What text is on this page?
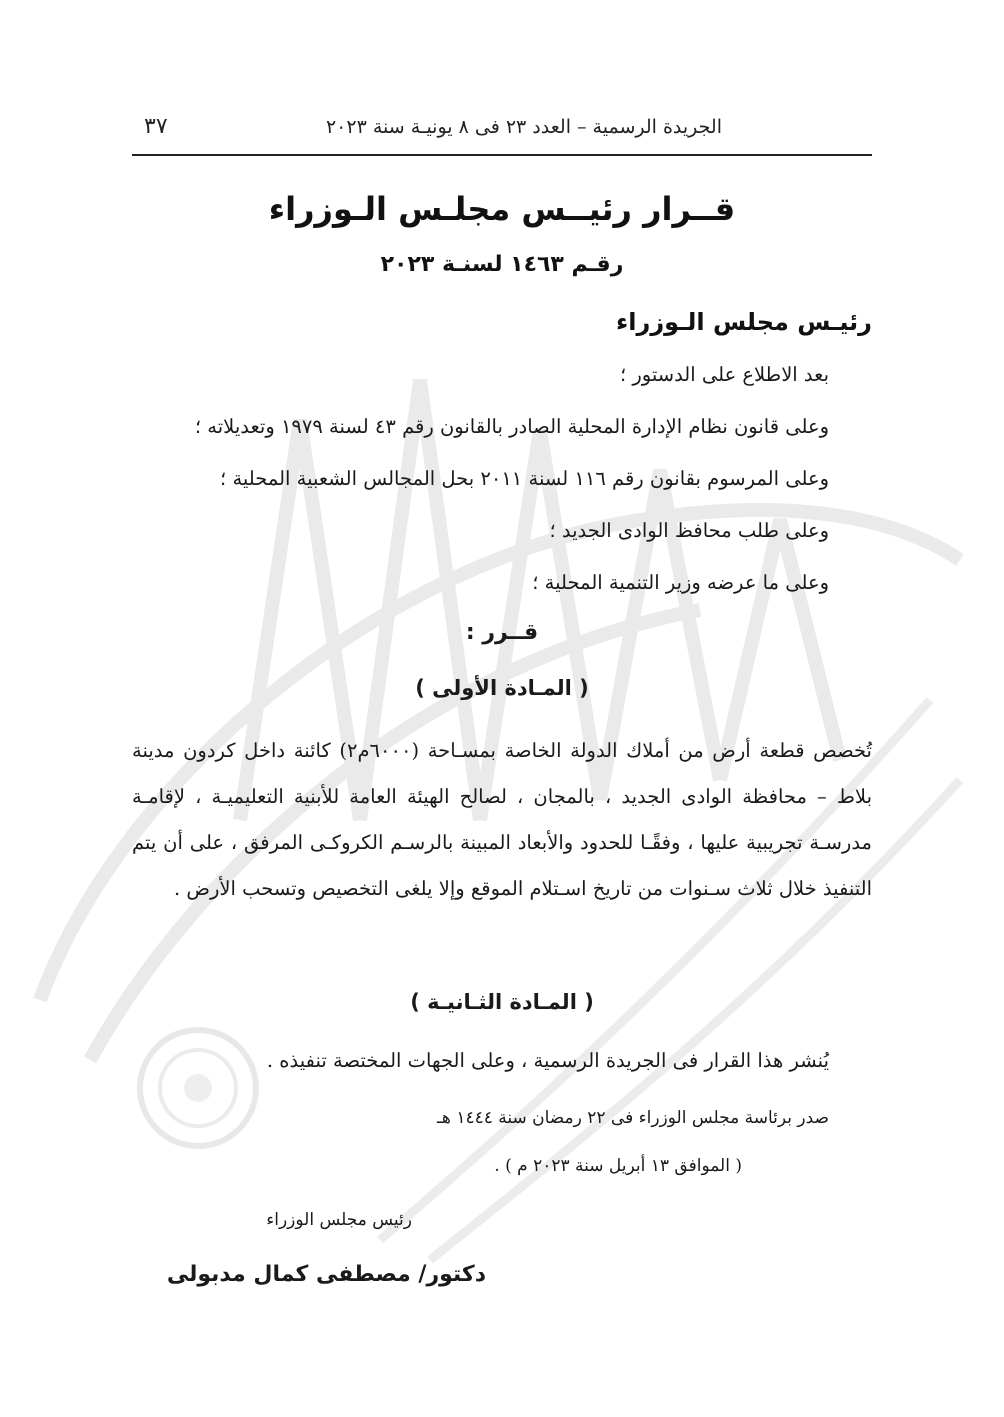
الجريدة الرسمية – العدد ٢٣ فى ٨ يونيـة سنة ٢٠٢٣
٣٧
قــرار رئيــس مجلـس الـوزراء
رقـم ١٤٦٣ لسنـة ٢٠٢٣
رئيـس مجلس الـوزراء
بعد الاطلاع على الدستور ؛
وعلى قانون نظام الإدارة المحلية الصادر بالقانون رقم ٤٣ لسنة ١٩٧٩ وتعديلاته ؛
وعلى المرسوم بقانون رقم ١١٦ لسنة ٢٠١١ بحل المجالس الشعبية المحلية ؛
وعلى طلب محافظ الوادى الجديد ؛
وعلى ما عرضه وزير التنمية المحلية ؛
قــرر :
( المـادة الأولى )

تُخصص قطعة أرض من أملاك الدولة الخاصة بمسـاحة (٦٠٠٠م٢) كائنة داخل كردون مدينة بلاط – محافظة الوادى الجديد ، بالمجان ، لصالح الهيئة العامة للأبنية التعليميـة ، لإقامـة مدرسـة تجريبية عليها ، وفقًـا للحدود والأبعاد المبينة بالرسـم الكروكـى المرفق ، على أن يتم التنفيذ خلال ثلاث سـنوات من تاريخ اسـتلام الموقع وإلا يلغى التخصيص وتسحب الأرض .

( المـادة الثـانيـة )

يُنشر هذا القرار فى الجريدة الرسمية ، وعلى الجهات المختصة تنفيذه .

صدر برئاسة مجلس الوزراء فى ٢٢ رمضان سنة ١٤٤٤ هـ
( الموافق ١٣ أبريل سنة ٢٠٢٣ م ) .
رئيس مجلس الوزراء
دكتور/ مصطفى كمال مدبولى
